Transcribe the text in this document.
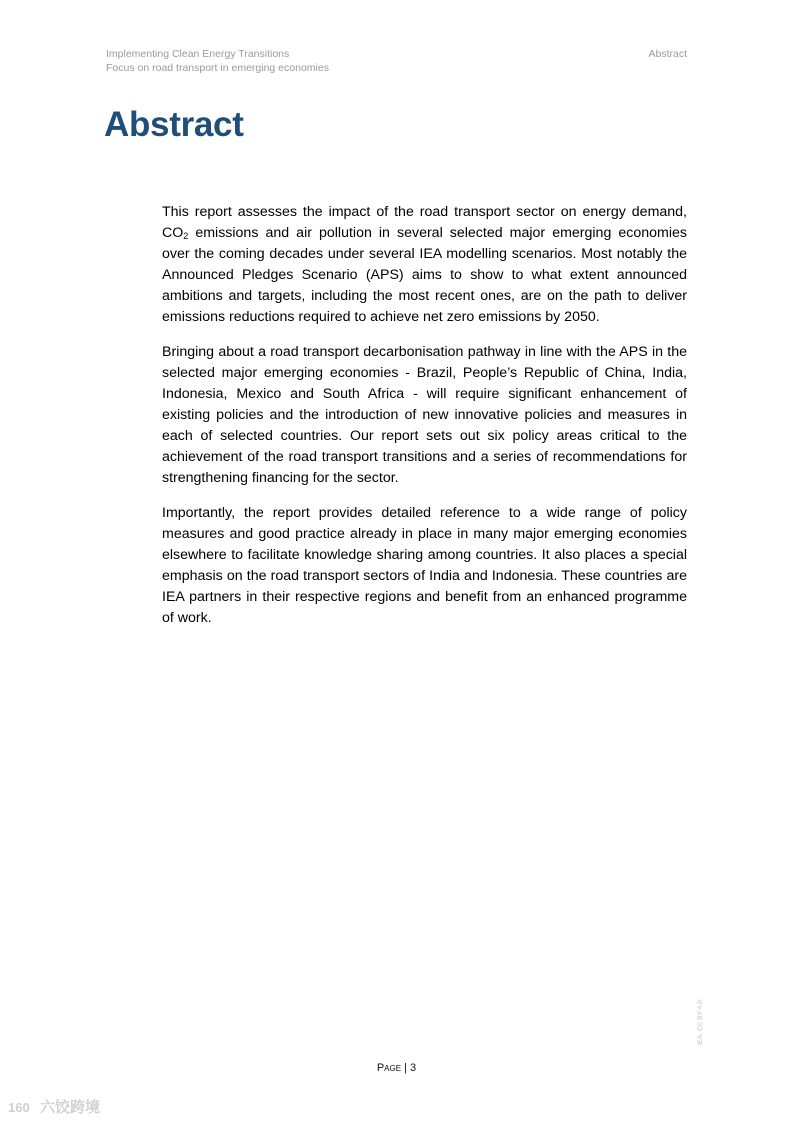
Implementing Clean Energy Transitions
Focus on road transport in emerging economies
Abstract
Abstract

This report assesses the impact of the road transport sector on energy demand, $CO_2$ emissions and air pollution in several selected major emerging economies over the coming decades under several IEA modelling scenarios. Most notably the Announced Pledges Scenario (APS) aims to show to what extent announced ambitions and targets, including the most recent ones, are on the path to deliver emissions reductions required to achieve net zero emissions by 2050.

Bringing about a road transport decarbonisation pathway in line with the APS in the selected major emerging economies - Brazil, People’s Republic of China, India, Indonesia, Mexico and South Africa - will require significant enhancement of existing policies and the introduction of new innovative policies and measures in each of selected countries. Our report sets out six policy areas critical to the achievement of the road transport transitions and a series of recommendations for strengthening financing for the sector.

Importantly, the report provides detailed reference to a wide range of policy measures and good practice already in place in many major emerging economies elsewhere to facilitate knowledge sharing among countries. It also places a special emphasis on the road transport sectors of India and Indonesia. These countries are IEA partners in their respective regions and benefit from an enhanced programme of work.

Page | 3
IEA. CC BY 4.0.
160 六饺跨境
